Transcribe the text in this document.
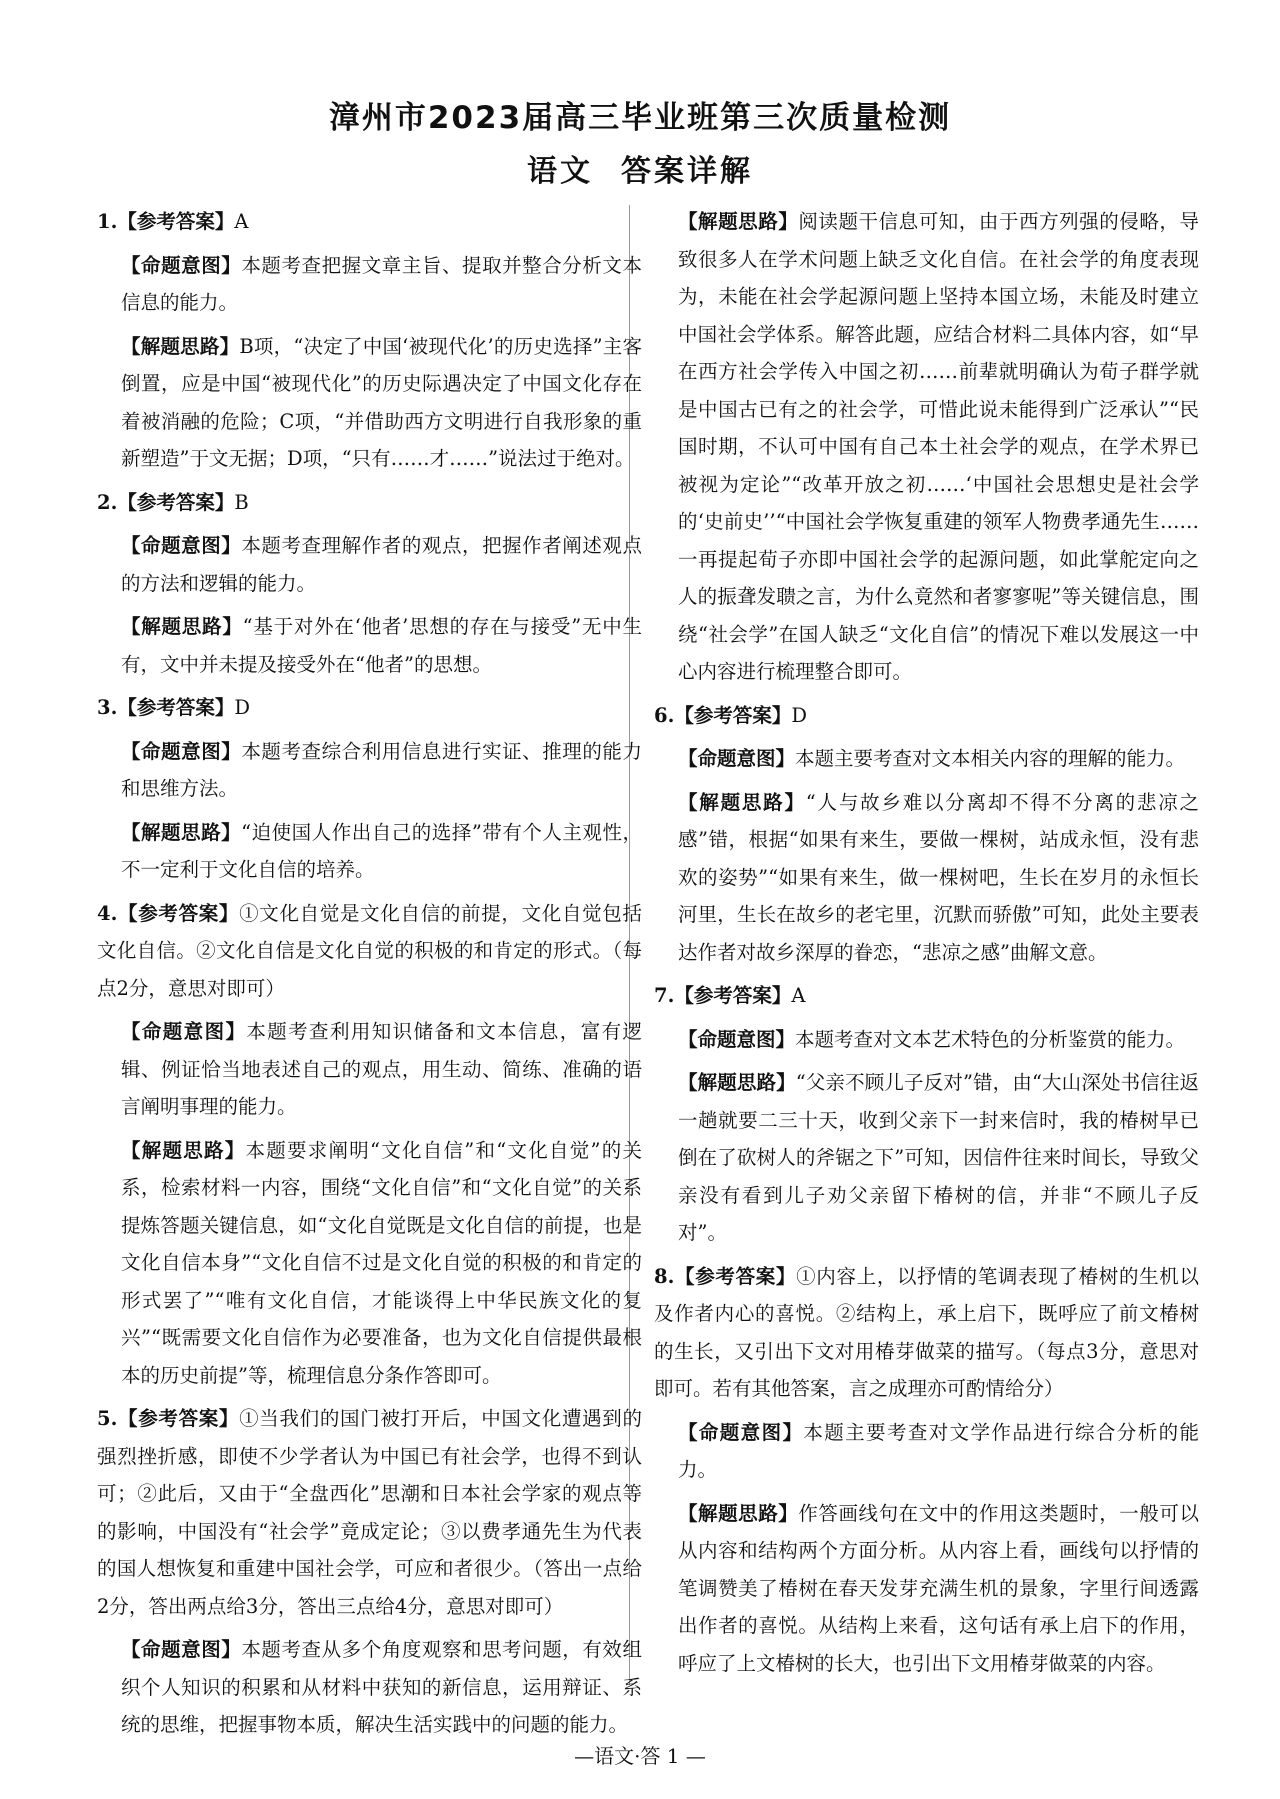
漳州市2023届高三毕业班第三次质量检测
语文 答案详解
1.【参考答案】A
【命题意图】本题考查把握文章主旨、提取并整合分析文本信息的能力。
【解题思路】B项，“决定了中国‘被现代化’的历史选择”主客倒置，应是中国“被现代化”的历史际遇决定了中国文化存在着被消融的危险；C项，“并借助西方文明进行自我形象的重新塑造”于文无据；D项，“只有……才……”说法过于绝对。
2.【参考答案】B
【命题意图】本题考查理解作者的观点，把握作者阐述观点的方法和逻辑的能力。
【解题思路】“基于对外在‘他者’思想的存在与接受”无中生有，文中并未提及接受外在“他者”的思想。
3.【参考答案】D
【命题意图】本题考查综合利用信息进行实证、推理的能力和思维方法。
【解题思路】“迫使国人作出自己的选择”带有个人主观性，不一定利于文化自信的培养。
4.【参考答案】①文化自觉是文化自信的前提，文化自觉包括文化自信。②文化自信是文化自觉的积极的和肯定的形式。（每点2分，意思对即可）
【命题意图】本题考查利用知识储备和文本信息，富有逻辑、例证恰当地表述自己的观点，用生动、简练、准确的语言阐明事理的能力。
【解题思路】本题要求阐明“文化自信”和“文化自觉”的关系，检索材料一内容，围绕“文化自信”和“文化自觉”的关系提炼答题关键信息，如“文化自觉既是文化自信的前提，也是文化自信本身”“文化自信不过是文化自觉的积极的和肯定的形式罢了”“唯有文化自信，才能谈得上中华民族文化的复兴”“既需要文化自信作为必要准备，也为文化自信提供最根本的历史前提”等，梳理信息分条作答即可。
5.【参考答案】①当我们的国门被打开后，中国文化遭遇到的强烈挫折感，即使不少学者认为中国已有社会学，也得不到认可；②此后，又由于“全盘西化”思潮和日本社会学家的观点等的影响，中国没有“社会学”竟成定论；③以费孝通先生为代表的国人想恢复和重建中国社会学，可应和者很少。（答出一点给2分，答出两点给3分，答出三点给4分，意思对即可）
【命题意图】本题考查从多个角度观察和思考问题，有效组织个人知识的积累和从材料中获知的新信息，运用辩证、系统的思维，把握事物本质，解决生活实践中的问题的能力。
【解题思路】阅读题干信息可知，由于西方列强的侵略，导致很多人在学术问题上缺乏文化自信。在社会学的角度表现为，未能在社会学起源问题上坚持本国立场，未能及时建立中国社会学体系。解答此题，应结合材料二具体内容，如“早在西方社会学传入中国之初……前辈就明确认为荀子群学就是中国古已有之的社会学，可惜此说未能得到广泛承认”“民国时期，不认可中国有自己本土社会学的观点，在学术界已被视为定论”“改革开放之初……‘中国社会思想史是社会学的‘史前史’’“中国社会学恢复重建的领军人物费孝通先生……一再提起荀子亦即中国社会学的起源问题，如此掌舵定向之人的振聋发聩之言，为什么竟然和者寥寥呢”等关键信息，围绕“社会学”在国人缺乏“文化自信”的情况下难以发展这一中心内容进行梳理整合即可。
6.【参考答案】D
【命题意图】本题主要考查对文本相关内容的理解的能力。
【解题思路】“人与故乡难以分离却不得不分离的悲凉之感”错，根据“如果有来生，要做一棵树，站成永恒，没有悲欢的姿势”“如果有来生，做一棵树吧，生长在岁月的永恒长河里，生长在故乡的老宅里，沉默而骄傲”可知，此处主要表达作者对故乡深厚的眷恋，“悲凉之感”曲解文意。
7.【参考答案】A
【命题意图】本题考查对文本艺术特色的分析鉴赏的能力。
【解题思路】“父亲不顾儿子反对”错，由“大山深处书信往返一趟就要二三十天，收到父亲下一封来信时，我的椿树早已倒在了砍树人的斧锯之下”可知，因信件往来时间长，导致父亲没有看到儿子劝父亲留下椿树的信，并非“不顾儿子反对”。
8.【参考答案】①内容上，以抒情的笔调表现了椿树的生机以及作者内心的喜悦。②结构上，承上启下，既呼应了前文椿树的生长，又引出下文对用椿芽做菜的描写。（每点3分，意思对即可。若有其他答案，言之成理亦可酌情给分）
【命题意图】本题主要考查对文学作品进行综合分析的能力。
【解题思路】作答画线句在文中的作用这类题时，一般可以从内容和结构两个方面分析。从内容上看，画线句以抒情的笔调赞美了椿树在春天发芽充满生机的景象，字里行间透露出作者的喜悦。从结构上来看，这句话有承上启下的作用，呼应了上文椿树的长大，也引出下文用椿芽做菜的内容。
—语文·答 1 —
